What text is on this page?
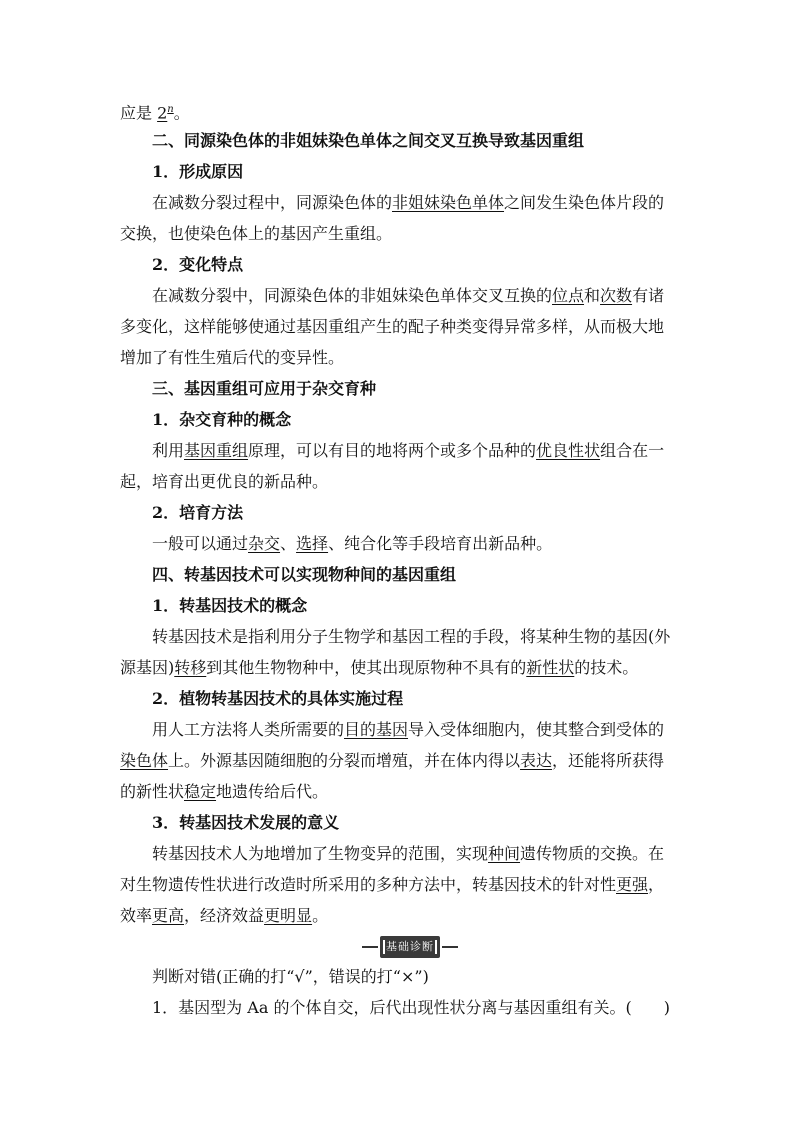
应是 2$^n$。
二、同源染色体的非姐妹染色单体之间交叉互换导致基因重组
1．形成原因
在减数分裂过程中，同源染色体的非姐妹染色单体之间发生染色体片段的
交换，也使染色体上的基因产生重组。
2．变化特点
在减数分裂中，同源染色体的非姐妹染色单体交叉互换的位点和次数有诸
多变化，这样能够使通过基因重组产生的配子种类变得异常多样，从而极大地
增加了有性生殖后代的变异性。
三、基因重组可应用于杂交育种
1．杂交育种的概念
利用基因重组原理，可以有目的地将两个或多个品种的优良性状组合在一
起，培育出更优良的新品种。
2．培育方法
一般可以通过杂交、选择、纯合化等手段培育出新品种。
四、转基因技术可以实现物种间的基因重组
1．转基因技术的概念
转基因技术是指利用分子生物学和基因工程的手段，将某种生物的基因(外
源基因)转移到其他生物物种中，使其出现原物种不具有的新性状的技术。
2．植物转基因技术的具体实施过程
用人工方法将人类所需要的目的基因导入受体细胞内，使其整合到受体的
染色体上。外源基因随细胞的分裂而增殖，并在体内得以表达，还能将所获得
的新性状稳定地遗传给后代。
3．转基因技术发展的意义
转基因技术人为地增加了生物变异的范围，实现种间遗传物质的交换。在
对生物遗传性状进行改造时所采用的多种方法中，转基因技术的针对性更强，
效率更高，经济效益更明显。
基础诊断
判断对错(正确的打“√”，错误的打“×”)
1．基因型为 Aa 的个体自交，后代出现性状分离与基因重组有关。(　　)
